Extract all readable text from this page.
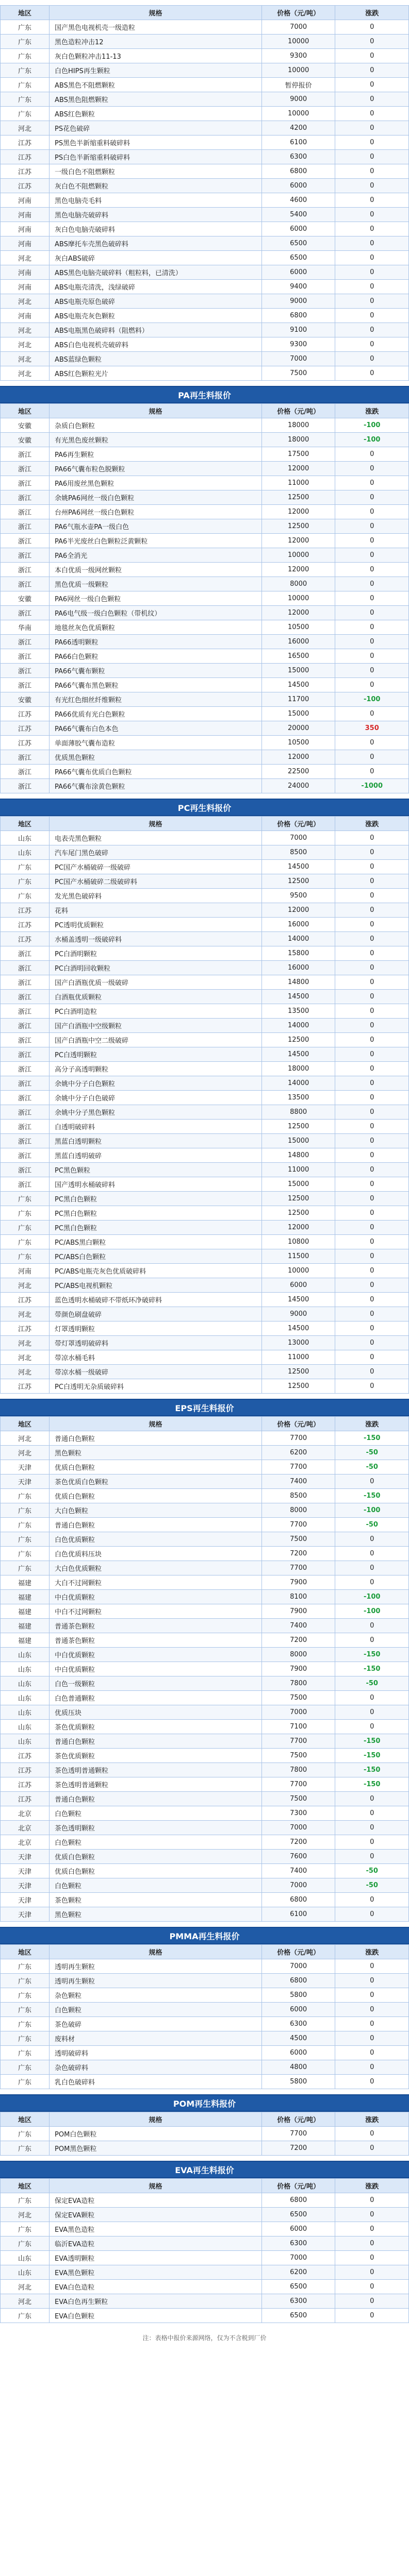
地区	规格	价格（元/吨）	涨跌
广东	国产黑色电视机壳一级造粒	7000	0
广东	黑色造粒冲击12	10000	0
广东	灰白色颗粒冲击11-13	9300	0
广东	白色HIPS再生颗粒	10000	0
广东	ABS黑色不阻燃颗粒	暂停报价	0
广东	ABS黑色阻燃颗粒	9000	0
广东	ABS红色颗粒	10000	0
河北	PS花色破碎	4200	0
江苏	PS黑色半新缩重料破碎料	6100	0
江苏	PS白色半新缩重料破碎料	6300	0
江苏	一级白色不阻燃颗粒	6800	0
江苏	灰白色不阻燃颗粒	6000	0
河南	黑色电脑壳毛料	4600	0
河南	黑色电脑壳破碎料	5400	0
河南	灰白色电脑壳破碎料	6000	0
河南	ABS摩托车壳黑色破碎料	6500	0
河北	灰白ABS破碎	6500	0
河南	ABS黑色电脑壳破碎料（粗粒料，已清洗）	6000	0
河南	ABS电瓶壳清洗，浅绿破碎	9400	0
河北	ABS电瓶壳原色破碎	9000	0
河南	ABS电瓶壳灰色颗粒	6800	0
河北	ABS电瓶黑色破碎料（阻燃料）	9100	0
河北	ABS白色电视机壳破碎料	9300	0
河北	ABS蓝绿色颗粒	7000	0
河北	ABS红色颗粒光片	7500	0
PA再生料报价
地区	规格	价格（元/吨）	涨跌
安徽	杂质白色颗粒	18000	-100
安徽	有光黑色废丝颗粒	18000	-100
浙江	PA6再生颗粒	17500	0
浙江	PA66气囊布粒色脱颗粒	12000	0
浙江	PA6用废丝黑色颗粒	11000	0
浙江	余姚PA6网丝一级白色颗粒	12500	0
浙江	台州PA6网丝一级白色颗粒	12000	0
浙江	PA6气瓶水壶PA一级白色	12500	0
浙江	PA6半光废丝白色颗粒泛黄颗粒	12000	0
浙江	PA6全消光	10000	0
浙江	本白优质一级网丝颗粒	12000	0
浙江	黑色优质一级颗粒	8000	0
安徽	PA6网丝一级白色颗粒	10000	0
浙江	PA6电气级一级白色颗粒（带机纹）	12000	0
华南	地毯丝灰色优质颗粒	10500	0
浙江	PA66透明颗粒	16000	0
浙江	PA66白色颗粒	16500	0
浙江	PA66气囊布颗粒	15000	0
浙江	PA66气囊布黑色颗粒	14500	0
安徽	有光红色细丝纤维颗粒	11700	-100
江苏	PA66优质有光白色颗粒	15000	0
江苏	PA66气囊布白色本色	20000	350
江苏	单面薄胶气囊布造粒	10500	0
浙江	优质黑色颗粒	12000	0
浙江	PA66气囊布优质白色颗粒	22500	0
浙江	PA66气囊布涂黄色颗粒	24000	-1000
PC再生料报价
地区	规格	价格（元/吨）	涨跌
山东	电表壳黑色颗粒	7000	0
山东	汽车尾门黑色破碎	8500	0
广东	PC国产水桶破碎一级破碎	14500	0
广东	PC国产水桶破碎二级破碎料	12500	0
广东	发光黑色破碎料	9500	0
江苏	花料	12000	0
江苏	PC透明优质颗粒	16000	0
江苏	水桶盖透明一级破碎料	14000	0
浙江	PC白酒明颗粒	15800	0
浙江	PC白酒明回收颗粒	16000	0
浙江	国产白酒瓶优质一级破碎	14800	0
浙江	白酒瓶优质颗粒	14500	0
浙江	PC白酒明造粒	13500	0
浙江	国产白酒瓶中空级颗粒	14000	0
浙江	国产白酒瓶中空二级破碎	12500	0
浙江	PC白透明颗粒	14500	0
浙江	高分子高透明颗粒	18000	0
浙江	余姚中分子白色颗粒	14000	0
浙江	余姚中分子白色破碎	13500	0
浙江	余姚中分子黑色颗粒	8800	0
浙江	白透明破碎料	12500	0
浙江	黑蓝白透明颗粒	15000	0
浙江	黑蓝白透明破碎	14800	0
浙江	PC黑色颗粒	11000	0
浙江	国产透明水桶破碎料	15000	0
广东	PC黑白色颗粒	12500	0
广东	PC黑白色颗粒	12500	0
广东	PC黑白色颗粒	12000	0
广东	PC/ABS黑白颗粒	10800	0
广东	PC/ABS白色颗粒	11500	0
河南	PC/ABS电瓶壳灰色优质破碎料	10000	0
河北	PC/ABS电视机颗粒	6000	0
江苏	蓝色透明水桶破碎不带纸环净破碎料	14500	0
河北	带颜色刷盘破碎	9000	0
江苏	灯罩透明颗粒	14500	0
河北	带灯罩透明破碎料	13000	0
河北	带凉水桶毛料	11000	0
河北	带凉水桶一级破碎	12500	0
江苏	PC白透明无杂质破碎料	12500	0
EPS再生料报价
地区	规格	价格（元/吨）	涨跌
河北	普通白色颗粒	7700	-150
河北	黑色颗粒	6200	-50
天津	优质白色颗粒	7700	-50
天津	茶色优质白色颗粒	7400	0
广东	优质白色颗粒	8500	-150
广东	大白色颗粒	8000	-100
广东	普通白色颗粒	7700	-50
广东	白色优质颗粒	7500	0
广东	白色优质料压块	7200	0
广东	大白色优质颗粒	7700	0
福建	大白不过网颗粒	7900	0
福建	中白优质颗粒	8100	-100
福建	中白不过网颗粒	7900	-100
福建	普通茶色颗粒	7400	0
福建	普通茶色颗粒	7200	0
山东	中白优质颗粒	8000	-150
山东	中白优质颗粒	7900	-150
山东	白色一级颗粒	7800	-50
山东	白色普通颗粒	7500	0
山东	优质压块	7000	0
山东	茶色优质颗粒	7100	0
山东	普通白色颗粒	7700	-150
江苏	茶色优质颗粒	7500	-150
江苏	茶色透明普通颗粒	7800	-150
江苏	茶色透明普通颗粒	7700	-150
江苏	普通白色颗粒	7500	0
北京	白色颗粒	7300	0
北京	茶色透明颗粒	7000	0
北京	白色颗粒	7200	0
天津	优质白色颗粒	7600	0
天津	优质白色颗粒	7400	-50
天津	白色颗粒	7000	-50
天津	茶色颗粒	6800	0
天津	黑色颗粒	6100	0
PMMA再生料报价
地区	规格	价格（元/吨）	涨跌
广东	透明再生颗粒	7000	0
广东	透明再生颗粒	6800	0
广东	杂色颗粒	5800	0
广东	白色颗粒	6000	0
广东	茶色破碎	6300	0
广东	废料材	4500	0
广东	透明破碎料	6000	0
广东	杂色破碎料	4800	0
广东	乳白色破碎料	5800	0
POM再生料报价
地区	规格	价格（元/吨）	涨跌
广东	POM白色颗粒	7700	0
广东	POM黑色颗粒	7200	0
EVA再生料报价
地区	规格	价格（元/吨）	涨跌
广东	保定EVA造粒	6800	0
河北	保定EVA颗粒	6500	0
广东	EVA黑色造粒	6000	0
广东	临沂EVA造粒	6300	0
山东	EVA透明颗粒	7000	0
山东	EVA黑色颗粒	6200	0
河北	EVA白色造粒	6500	0
河北	EVA白色再生颗粒	6300	0
广东	EVA白色颗粒	6500	0
注：表格中报价来源网络，仅为不含税到厂价
